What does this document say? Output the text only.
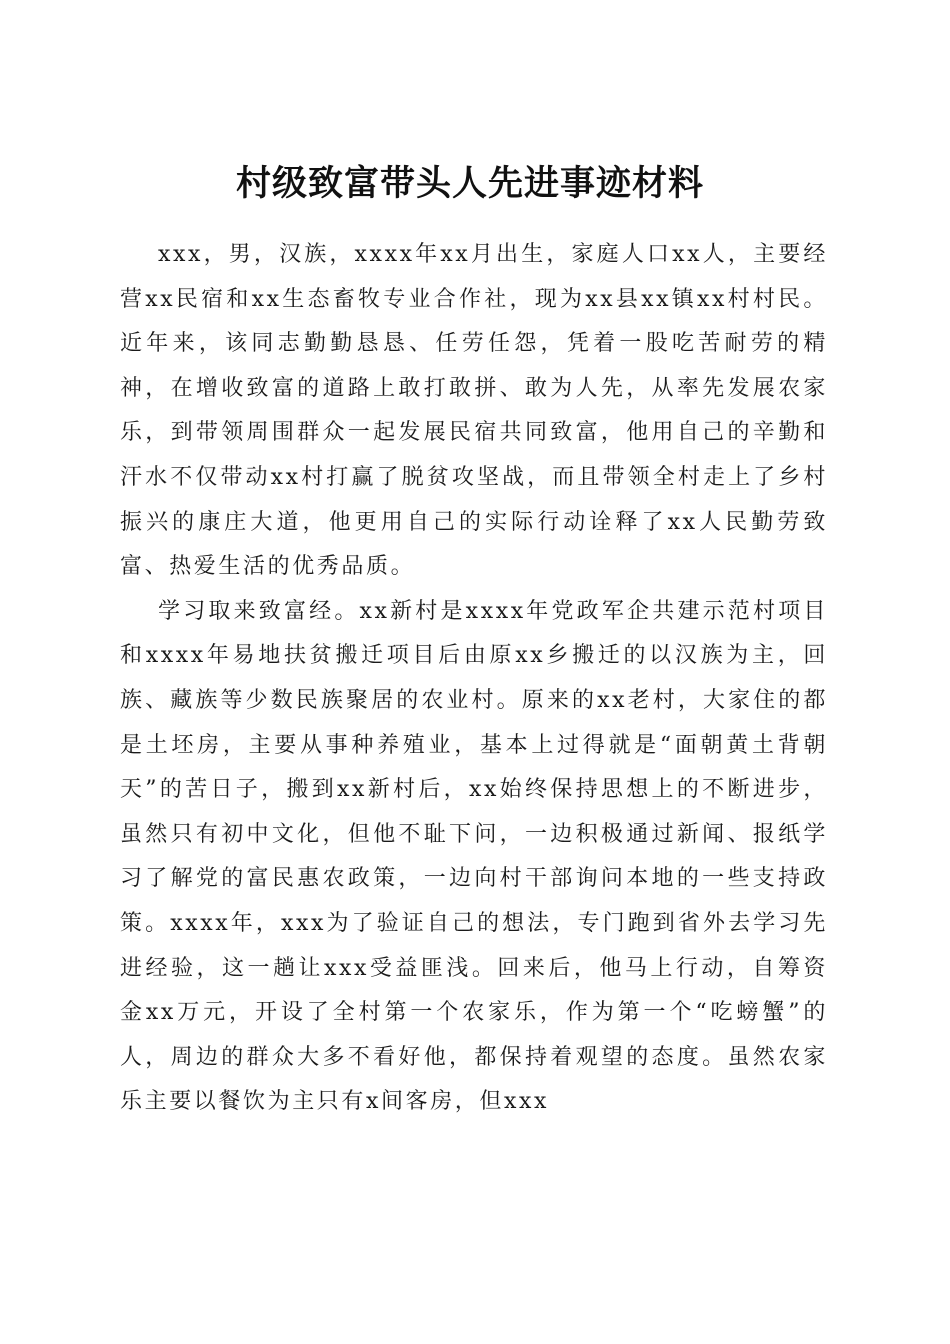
村级致富带头人先进事迹材料

xxx，男，汉族，xxxx年xx月出生，家庭人口xx人，主要经营xx民宿和xx生态畜牧专业合作社，现为xx县xx镇xx村村民。近年来，该同志勤勤恳恳、任劳任怨，凭着一股吃苦耐劳的精神，在增收致富的道路上敢打敢拼、敢为人先，从率先发展农家乐，到带领周围群众一起发展民宿共同致富，他用自己的辛勤和汗水不仅带动xx村打赢了脱贫攻坚战，而且带领全村走上了乡村振兴的康庄大道，他更用自己的实际行动诠释了xx人民勤劳致富、热爱生活的优秀品质。

学习取来致富经。xx新村是xxxx年党政军企共建示范村项目和xxxx年易地扶贫搬迁项目后由原xx乡搬迁的以汉族为主，回族、藏族等少数民族聚居的农业村。原来的xx老村，大家住的都是土坯房，主要从事种养殖业，基本上过得就是“面朝黄土背朝天”的苦日子，搬到xx新村后，xx始终保持思想上的不断进步，虽然只有初中文化，但他不耻下问，一边积极通过新闻、报纸学习了解党的富民惠农政策，一边向村干部询问本地的一些支持政策。xxxx年，xxx为了验证自己的想法，专门跑到省外去学习先进经验，这一趟让xxx受益匪浅。回来后，他马上行动，自筹资金xx万元，开设了全村第一个农家乐，作为第一个“吃螃蟹”的人，周边的群众大多不看好他，都保持着观望的态度。虽然农家乐主要以餐饮为主只有x间客房，但xxx
